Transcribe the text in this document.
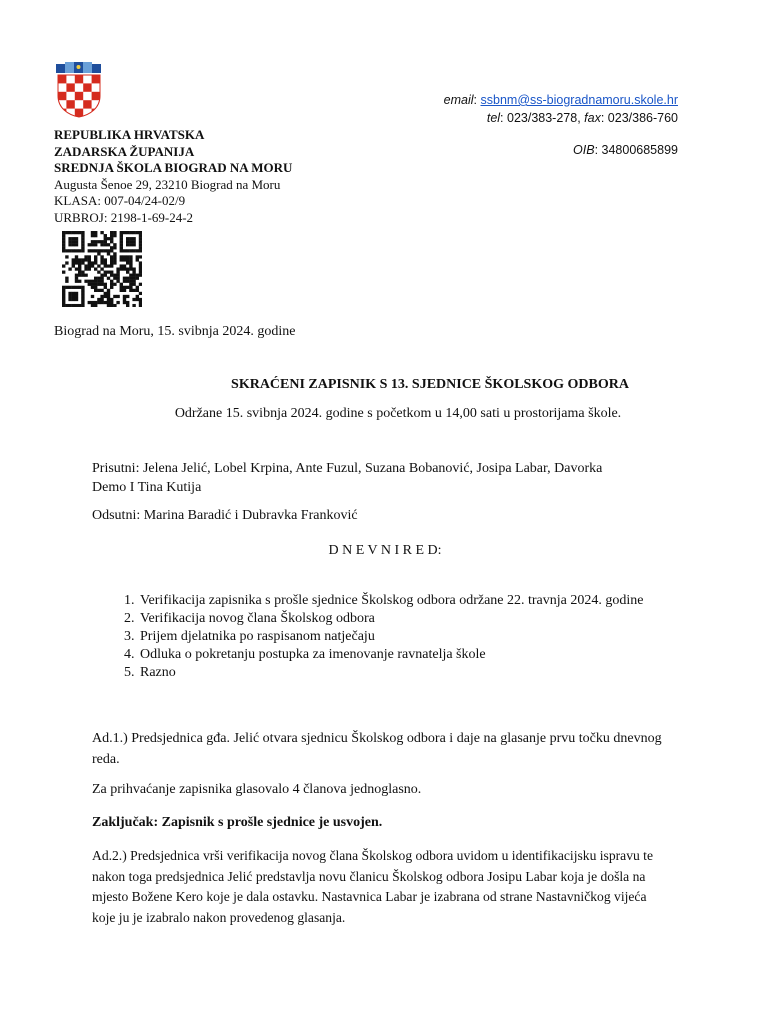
email: ssbnm@ss-biogradnamoru.skole.hr
tel: 023/383-278, fax: 023/386-760
OIB: 34800685899
REPUBLIKA HRVATSKA
ZADARSKA ŽUPANIJA
SREDNJA ŠKOLA BIOGRAD NA MORU
Augusta Šenoe 29, 23210 Biograd na Moru
KLASA: 007-04/24-02/9
URBROJ: 2198-1-69-24-2
Biograd na Moru, 15. svibnja 2024. godine
SKRAĆENI ZAPISNIK S 13. SJEDNICE ŠKOLSKOG ODBORA
Održane 15. svibnja 2024. godine s početkom u 14,00 sati u prostorijama škole.
Prisutni: Jelena Jelić, Lobel Krpina, Ante Fuzul, Suzana Bobanović, Josipa Labar, Davorka
Demo I Tina Kutija
Odsutni: Marina Baradić i Dubravka Franković
D N E V N I R E D:
1. Verifikacija zapisnika s prošle sjednice Školskog odbora održane 22. travnja 2024. godine
2. Verifikacija novog člana Školskog odbora
3. Prijem djelatnika po raspisanom natječaju
4. Odluka o pokretanju postupka za imenovanje ravnatelja škole
5. Razno
Ad.1.) Predsjednica gđa. Jelić otvara sjednicu Školskog odbora i daje na glasanje prvu točku dnevnog reda.
Za prihvaćanje zapisnika glasovalo 4 članova jednoglasno.
Zaključak: Zapisnik s prošle sjednice je usvojen.
Ad.2.) Predsjednica vrši verifikacija novog člana Školskog odbora uvidom u identifikacijsku ispravu te nakon toga predsjednica Jelić predstavlja novu članicu Školskog odbora Josipu Labar koja je došla na mjesto Božene Kero koje je dala ostavku. Nastavnica Labar je izabrana od strane Nastavničkog vijeća koje ju je izabralo nakon provedenog glasanja.
